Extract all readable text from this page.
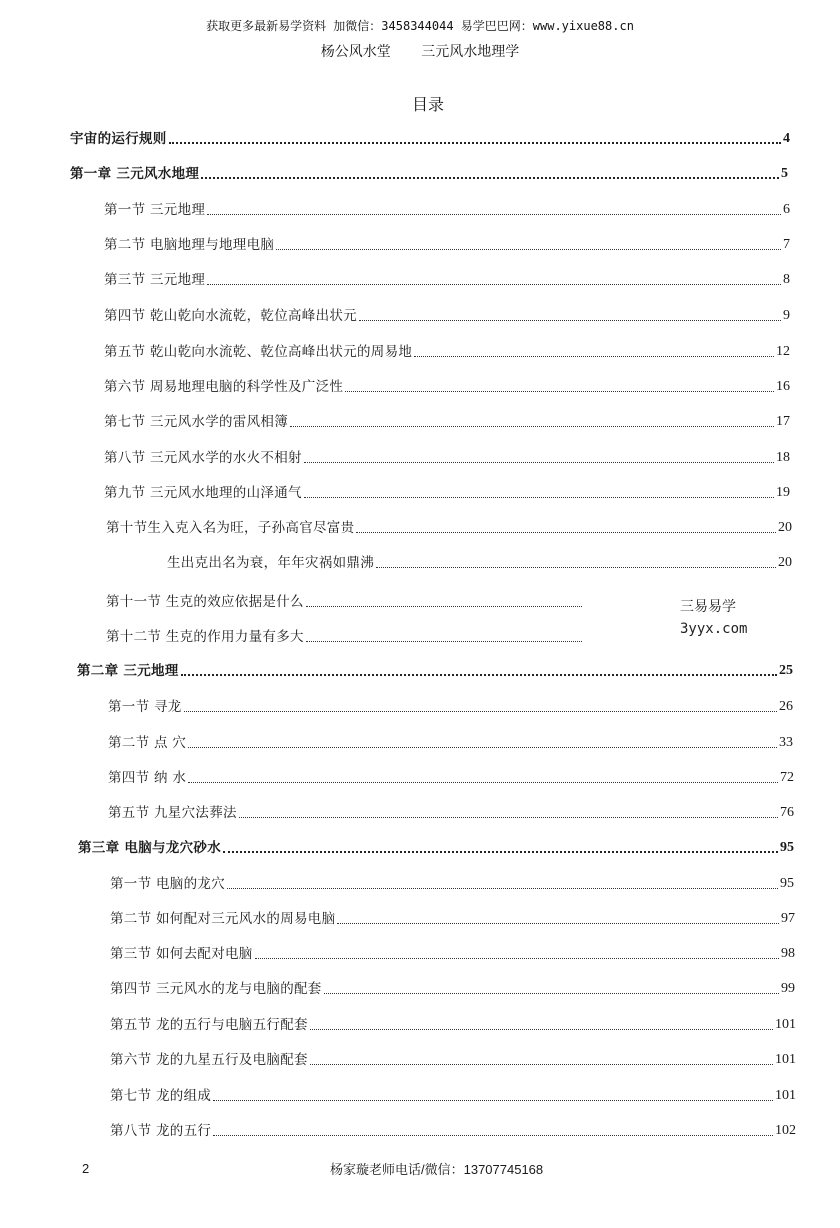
获取更多最新易学资料 加微信：3458344044 易学巴巴网：www.yixue88.cn
杨公风水堂 三元风水地理学
目录
宇宙的运行规则	4
第一章 三元风水地理	5
第一节 三元地理	6
第二节 电脑地理与地理电脑	7
第三节 三元地理	8
第四节 乾山乾向水流乾，乾位高峰出状元	9
第五节 乾山乾向水流乾、乾位高峰出状元的周易地	12
第六节 周易地理电脑的科学性及广泛性	16
第七节 三元风水学的雷风相簿	17
第八节 三元风水学的水火不相射	18
第九节 三元风水地理的山泽通气	19
第十节生入克入名为旺，子孙高官尽富贵	20
生出克出名为衰，年年灾祸如鼎沸	20
第十一节 生克的效应依据是什么
第十二节 生克的作用力量有多大
第二章 三元地理	25
第一节 寻龙	26
第二节 点 穴	33
第四节 纳 水	72
第五节 九星穴法葬法	76
第三章 电脑与龙穴砂水	95
第一节 电脑的龙穴	95
第二节 如何配对三元风水的周易电脑	97
第三节 如何去配对电脑	98
第四节 三元风水的龙与电脑的配套	99
第五节 龙的五行与电脑五行配套	101
第六节 龙的九星五行及电脑配套	101
第七节 龙的组成	101
第八节 龙的五行	102
三易易学
3yyx.com
2	杨家璇老师电话/微信：13707745168
